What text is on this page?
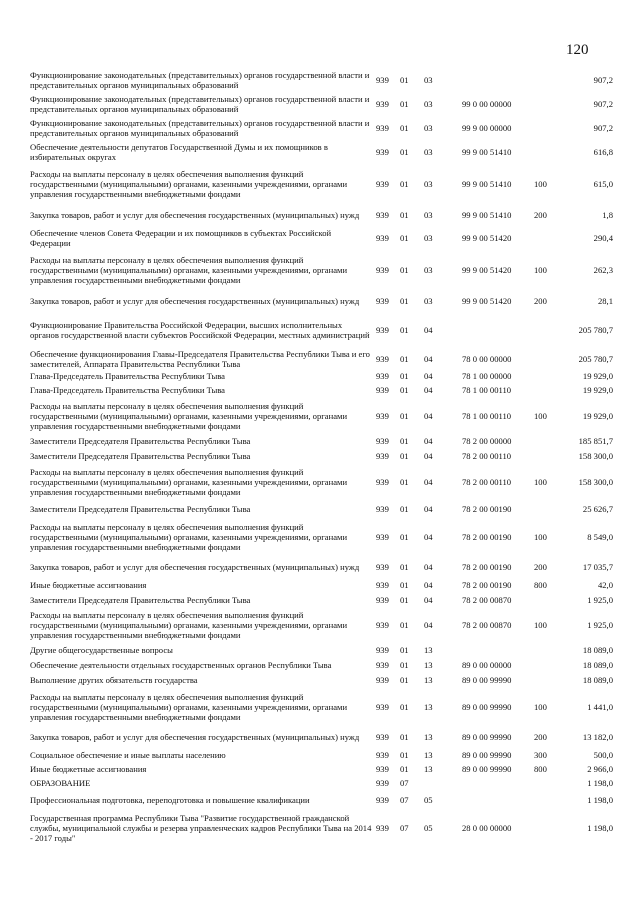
120
Функционирование законодательных (представительных) органов государственной власти и представительных органов муниципальных образований
939	01	03	907,2
Функционирование законодательных (представительных) органов государственной власти и представительных органов муниципальных образований
939	01	03	99 0 00 00000	907,2
Функционирование законодательных (представительных) органов государственной власти и представительных органов муниципальных образований
939	01	03	99 9 00 00000	907,2
Обеспечение деятельности депутатов Государственной Думы и их помощников в избирательных округах
939	01	03	99 9 00 51410	616,8
Расходы на выплаты персоналу в целях обеспечения выполнения функций государственными (муниципальными) органами, казенными учреждениями, органами управления государственными внебюджетными фондами
939	01	03	99 9 00 51410	100	615,0
Закупка товаров, работ и услуг для обеспечения государственных (муниципальных) нужд	939	01	03	99 9 00 51410	200	1,8
Обеспечение членов Совета Федерации и их помощников в субъектах Российской Федерации
939	01	03	99 9 00 51420	290,4
Расходы на выплаты персоналу в целях обеспечения выполнения функций государственными (муниципальными) органами, казенными учреждениями, органами управления государственными внебюджетными фондами
939	01	03	99 9 00 51420	100	262,3
Закупка товаров, работ и услуг для обеспечения государственных (муниципальных) нужд	939	01	03	99 9 00 51420	200	28,1
Функционирование Правительства Российской Федерации, высших исполнительных органов государственной власти субъектов Российской Федерации, местных администраций
939	01	04	205 780,7
Обеспечение функционирования Главы-Председателя Правительства Республики Тыва и его заместителей, Аппарата Правительства Республики Тыва
939	01	04	78 0 00 00000	205 780,7
Глава-Председатель Правительства Республики Тыва	939	01	04	78 1 00 00000	19 929,0
Глава-Председатель Правительства Республики Тыва	939	01	04	78 1 00 00110	19 929,0
Расходы на выплаты персоналу в целях обеспечения выполнения функций государственными (муниципальными) органами, казенными учреждениями, органами управления государственными внебюджетными фондами
939	01	04	78 1 00 00110	100	19 929,0
Заместители Председателя Правительства Республики Тыва	939	01	04	78 2 00 00000	185 851,7
Заместители Председателя Правительства Республики Тыва	939	01	04	78 2 00 00110	158 300,0
Расходы на выплаты персоналу в целях обеспечения выполнения функций государственными (муниципальными) органами, казенными учреждениями, органами управления государственными внебюджетными фондами
939	01	04	78 2 00 00110	100	158 300,0
Заместители Председателя Правительства Республики Тыва	939	01	04	78 2 00 00190	25 626,7
Расходы на выплаты персоналу в целях обеспечения выполнения функций государственными (муниципальными) органами, казенными учреждениями, органами управления государственными внебюджетными фондами
939	01	04	78 2 00 00190	100	8 549,0
Закупка товаров, работ и услуг для обеспечения государственных (муниципальных) нужд	939	01	04	78 2 00 00190	200	17 035,7
Иные бюджетные ассигнования	939	01	04	78 2 00 00190	800	42,0
Заместители Председателя Правительства Республики Тыва	939	01	04	78 2 00 00870	1 925,0
Расходы на выплаты персоналу в целях обеспечения выполнения функций государственными (муниципальными) органами, казенными учреждениями, органами управления государственными внебюджетными фондами
939	01	04	78 2 00 00870	100	1 925,0
Другие общегосударственные вопросы	939	01	13	18 089,0
Обеспечение деятельности отдельных государственных органов Республики Тыва	939	01	13	89 0 00 00000	18 089,0
Выполнение других обязательств государства	939	01	13	89 0 00 99990	18 089,0
Расходы на выплаты персоналу в целях обеспечения выполнения функций государственными (муниципальными) органами, казенными учреждениями, органами управления государственными внебюджетными фондами
939	01	13	89 0 00 99990	100	1 441,0
Закупка товаров, работ и услуг для обеспечения государственных (муниципальных) нужд	939	01	13	89 0 00 99990	200	13 182,0
Социальное обеспечение и иные выплаты населению	939	01	13	89 0 00 99990	300	500,0
Иные бюджетные ассигнования	939	01	13	89 0 00 99990	800	2 966,0
ОБРАЗОВАНИЕ	939	07	1 198,0
Профессиональная подготовка, переподготовка и повышение квалификации	939	07	05	1 198,0
Государственная программа Республики Тыва "Развитие государственной гражданской службы, муниципальной службы и резерва управленческих кадров Республики Тыва на 2014 - 2017 годы"
939	07	05	28 0 00 00000	1 198,0
